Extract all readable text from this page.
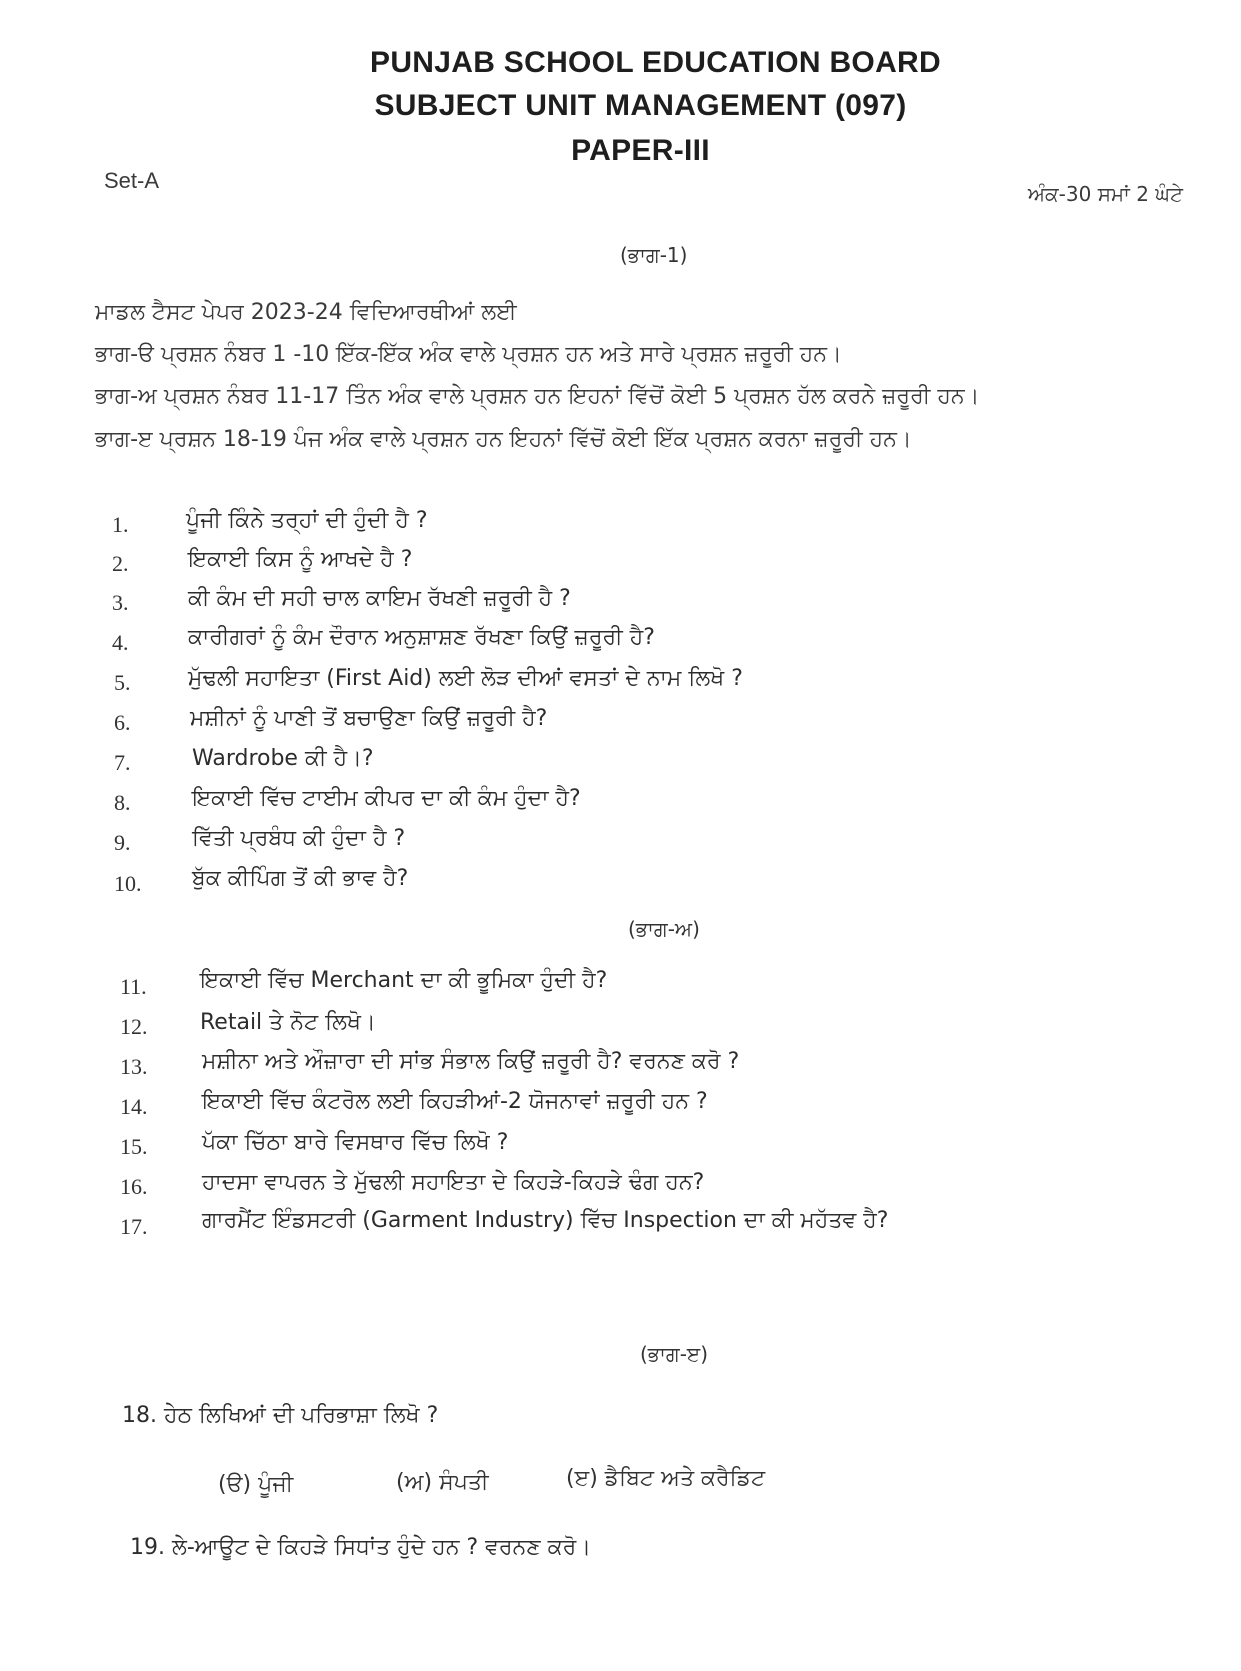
PUNJAB SCHOOL EDUCATION BOARD
SUBJECT UNIT MANAGEMENT (097)
PAPER-III
Set-A
ਅੰਕ-30 ਸਮਾਂ 2 ਘੰਟੇ
(ਭਾਗ-1)
ਮਾਡਲ ਟੈਸਟ ਪੇਪਰ 2023-24 ਵਿਦਿਆਰਥੀਆਂ ਲਈ
ਭਾਗ-ੳ ਪ੍ਰਸ਼ਨ ਨੰਬਰ 1 -10 ਇੱਕ-ਇੱਕ ਅੰਕ ਵਾਲੇ ਪ੍ਰਸ਼ਨ ਹਨ ਅਤੇ ਸਾਰੇ ਪ੍ਰਸ਼ਨ ਜ਼ਰੂਰੀ ਹਨ।
ਭਾਗ-ਅ ਪ੍ਰਸ਼ਨ ਨੰਬਰ 11-17 ਤਿੰਨ ਅੰਕ ਵਾਲੇ ਪ੍ਰਸ਼ਨ ਹਨ ਇਹਨਾਂ ਵਿੱਚੋਂ ਕੋਈ 5 ਪ੍ਰਸ਼ਨ ਹੱਲ ਕਰਨੇ ਜ਼ਰੂਰੀ ਹਨ।
ਭਾਗ-ੲ ਪ੍ਰਸ਼ਨ 18-19 ਪੰਜ ਅੰਕ ਵਾਲੇ ਪ੍ਰਸ਼ਨ ਹਨ ਇਹਨਾਂ ਵਿੱਚੋਂ ਕੋਈ ਇੱਕ ਪ੍ਰਸ਼ਨ ਕਰਨਾ ਜ਼ਰੂਰੀ ਹਨ।
1.	ਪੂੰਜੀ ਕਿੰਨੇ ਤਰ੍ਹਾਂ ਦੀ ਹੁੰਦੀ ਹੈ ?
2.	ਇਕਾਈ ਕਿਸ ਨੂੰ ਆਖਦੇ ਹੈ ?
3.	ਕੀ ਕੰਮ ਦੀ ਸਹੀ ਚਾਲ ਕਾਇਮ ਰੱਖਣੀ ਜ਼ਰੂਰੀ ਹੈ ?
4.	ਕਾਰੀਗਰਾਂ ਨੂੰ ਕੰਮ ਦੌਰਾਨ ਅਨੁਸ਼ਾਸ਼ਣ ਰੱਖਣਾ ਕਿਉਂ ਜ਼ਰੂਰੀ ਹੈ?
5.	ਮੁੱਢਲੀ ਸਹਾਇਤਾ (First Aid) ਲਈ ਲੋੜ ਦੀਆਂ ਵਸਤਾਂ ਦੇ ਨਾਮ ਲਿਖੋ ?
6.	ਮਸ਼ੀਨਾਂ ਨੂੰ ਪਾਣੀ ਤੋਂ ਬਚਾਉਣਾ ਕਿਉਂ ਜ਼ਰੂਰੀ ਹੈ?
7.	Wardrobe ਕੀ ਹੈ।?
8.	ਇਕਾਈ ਵਿੱਚ ਟਾਈਮ ਕੀਪਰ ਦਾ ਕੀ ਕੰਮ ਹੁੰਦਾ ਹੈ?
9.	ਵਿੱਤੀ ਪ੍ਰਬੰਧ ਕੀ ਹੁੰਦਾ ਹੈ ?
10. ਬੁੱਕ ਕੀਪਿੰਗ ਤੋਂ ਕੀ ਭਾਵ ਹੈ?
(ਭਾਗ-ਅ)
11. ਇਕਾਈ ਵਿੱਚ Merchant ਦਾ ਕੀ ਭੂਮਿਕਾ ਹੁੰਦੀ ਹੈ?
12. Retail ਤੇ ਨੋਟ ਲਿਖੋ।
13. ਮਸ਼ੀਨਾ ਅਤੇ ਔਜ਼ਾਰਾ ਦੀ ਸਾਂਭ ਸੰਭਾਲ ਕਿਉਂ ਜ਼ਰੂਰੀ ਹੈ? ਵਰਨਣ ਕਰੋ ?
14. ਇਕਾਈ ਵਿੱਚ ਕੰਟਰੋਲ ਲਈ ਕਿਹੜੀਆਂ-2 ਯੋਜਨਾਵਾਂ ਜ਼ਰੂਰੀ ਹਨ ?
15. ਪੱਕਾ ਚਿੱਠਾ ਬਾਰੇ ਵਿਸਥਾਰ ਵਿੱਚ ਲਿਖੋ ?
16. ਹਾਦਸਾ ਵਾਪਰਨ ਤੇ ਮੁੱਢਲੀ ਸਹਾਇਤਾ ਦੇ ਕਿਹੜੇ-ਕਿਹੜੇ ਢੰਗ ਹਨ?
17. ਗਾਰਮੈਂਟ ਇੰਡਸਟਰੀ (Garment Industry) ਵਿੱਚ Inspection ਦਾ ਕੀ ਮਹੱਤਵ ਹੈ?
(ਭਾਗ-ੲ)
18. ਹੇਠ ਲਿਖਿਆਂ ਦੀ ਪਰਿਭਾਸ਼ਾ ਲਿਖੋ ?
(ੳ) ਪੂੰਜੀ	(ਅ) ਸੰਪਤੀ	(ੲ) ਡੈਬਿਟ ਅਤੇ ਕਰੈਡਿਟ
19. ਲੇ-ਆਊਟ ਦੇ ਕਿਹੜੇ ਸਿਧਾਂਤ ਹੁੰਦੇ ਹਨ ? ਵਰਨਣ ਕਰੋ।
